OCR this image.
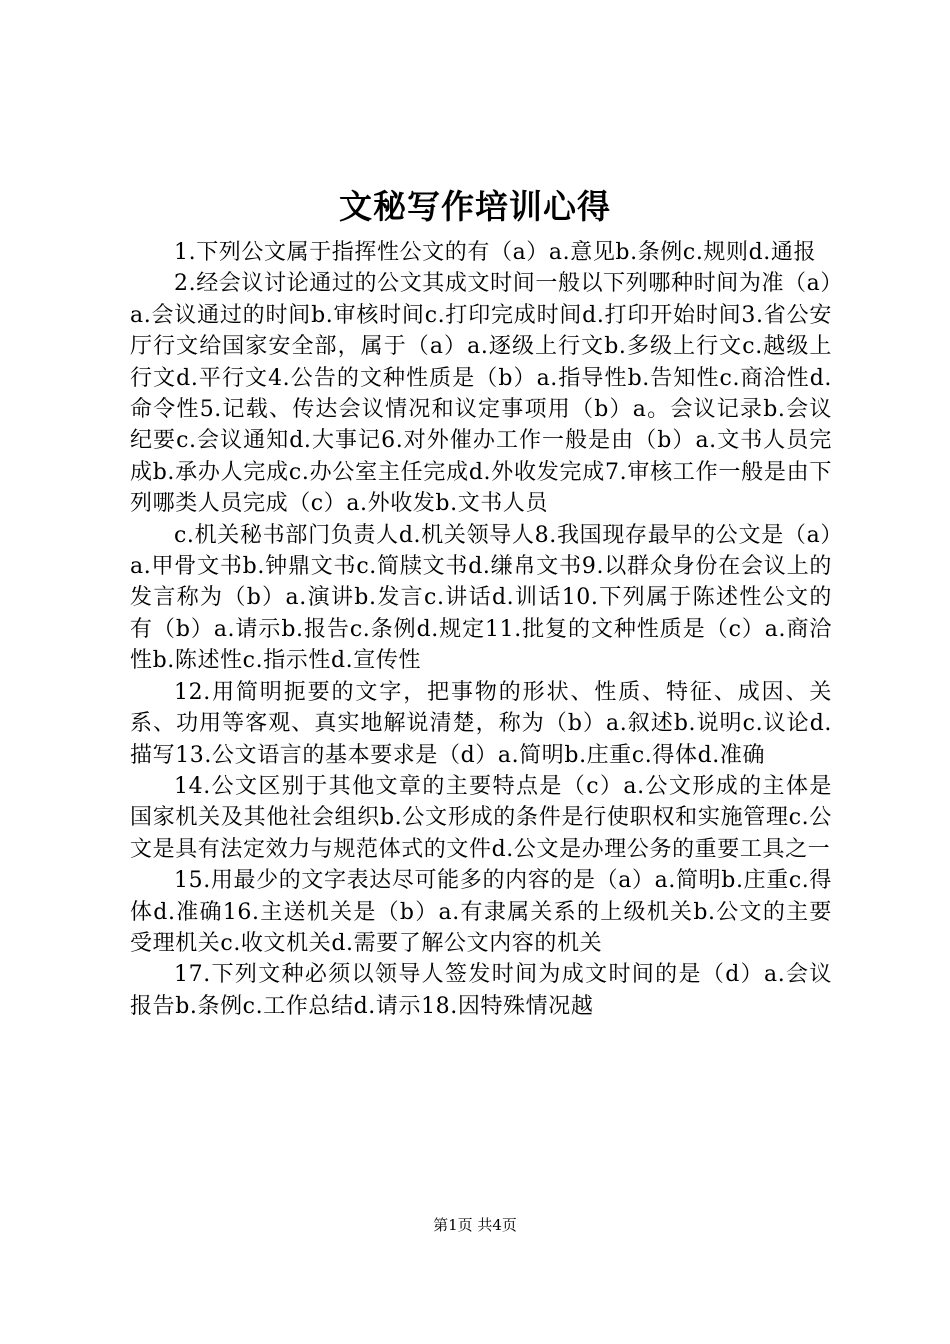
文秘写作培训心得

1.下列公文属于指挥性公文的有（a）a.意见b.条例c.规则d.通报

2.经会议讨论通过的公文其成文时间一般以下列哪种时间为准（a）a.会议通过的时间b.审核时间c.打印完成时间d.打印开始时间3.省公安厅行文给国家安全部，属于（a）a.逐级上行文b.多级上行文c.越级上行文d.平行文4.公告的文种性质是（b）a.指导性b.告知性c.商洽性d.命令性5.记载、传达会议情况和议定事项用（b）a。会议记录b.会议纪要c.会议通知d.大事记6.对外催办工作一般是由（b）a.文书人员完成b.承办人完成c.办公室主任完成d.外收发完成7.审核工作一般是由下列哪类人员完成（c）a.外收发b.文书人员

c.机关秘书部门负责人d.机关领导人8.我国现存最早的公文是（a）a.甲骨文书b.钟鼎文书c.简牍文书d.缣帛文书9.以群众身份在会议上的发言称为（b）a.演讲b.发言c.讲话d.训话10.下列属于陈述性公文的有（b）a.请示b.报告c.条例d.规定11.批复的文种性质是（c）a.商洽性b.陈述性c.指示性d.宣传性

12.用简明扼要的文字，把事物的形状、性质、特征、成因、关系、功用等客观、真实地解说清楚，称为（b）a.叙述b.说明c.议论d.描写13.公文语言的基本要求是（d）a.简明b.庄重c.得体d.准确

14.公文区别于其他文章的主要特点是（c）a.公文形成的主体是国家机关及其他社会组织b.公文形成的条件是行使职权和实施管理c.公文是具有法定效力与规范体式的文件d.公文是办理公务的重要工具之一

15.用最少的文字表达尽可能多的内容的是（a）a.简明b.庄重c.得体d.准确16.主送机关是（b）a.有隶属关系的上级机关b.公文的主要受理机关c.收文机关d.需要了解公文内容的机关

17.下列文种必须以领导人签发时间为成文时间的是（d）a.会议报告b.条例c.工作总结d.请示18.因特殊情况越

第1页 共4页
